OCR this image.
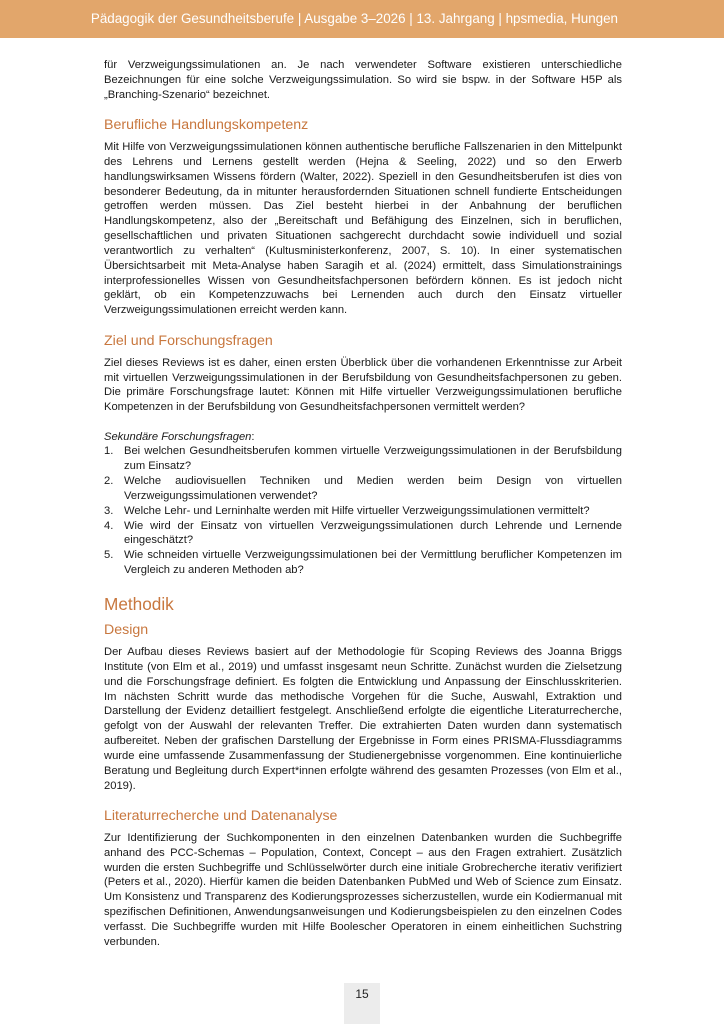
Pädagogik der Gesundheitsberufe | Ausgabe 3–2026 | 13. Jahrgang | hpsmedia, Hungen

für Verzweigungssimulationen an. Je nach verwendeter Software existieren unterschiedliche Bezeichnungen für eine solche Verzweigungssimulation. So wird sie bspw. in der Software H5P als „Branching-Szenario“ bezeichnet.

Berufliche Handlungskompetenz

Mit Hilfe von Verzweigungssimulationen können authentische berufliche Fallszenarien in den Mittelpunkt des Lehrens und Lernens gestellt werden (Hejna & Seeling, 2022) und so den Erwerb handlungswirksamen Wissens fördern (Walter, 2022). Speziell in den Gesundheitsberufen ist dies von besonderer Bedeutung, da in mitunter herausfordernden Situationen schnell fundierte Entscheidungen getroffen werden müssen. Das Ziel besteht hierbei in der Anbahnung der beruflichen Handlungskompetenz, also der „Bereitschaft und Befähigung des Einzelnen, sich in beruflichen, gesellschaftlichen und privaten Situationen sachgerecht durchdacht sowie individuell und sozial verantwortlich zu verhalten“ (Kultusministerkonferenz, 2007, S. 10). In einer systematischen Übersichtsarbeit mit Meta-Analyse haben Saragih et al. (2024) ermittelt, dass Simulationstrainings interprofessionelles Wissen von Gesundheitsfachpersonen befördern können. Es ist jedoch nicht geklärt, ob ein Kompetenzzuwachs bei Lernenden auch durch den Einsatz virtueller Verzweigungssimulationen erreicht werden kann.

Ziel und Forschungsfragen

Ziel dieses Reviews ist es daher, einen ersten Überblick über die vorhandenen Erkenntnisse zur Arbeit mit virtuellen Verzweigungssimulationen in der Berufsbildung von Gesundheitsfachpersonen zu geben. Die primäre Forschungsfrage lautet: Können mit Hilfe virtueller Verzweigungssimulationen berufliche Kompetenzen in der Berufsbildung von Gesundheitsfachpersonen vermittelt werden?

Sekundäre Forschungsfragen:
1. Bei welchen Gesundheitsberufen kommen virtuelle Verzweigungssimulationen in der Berufsbildung zum Einsatz?
2. Welche audiovisuellen Techniken und Medien werden beim Design von virtuellen Verzweigungssimulationen verwendet?
3. Welche Lehr- und Lerninhalte werden mit Hilfe virtueller Verzweigungssimulationen vermittelt?
4. Wie wird der Einsatz von virtuellen Verzweigungssimulationen durch Lehrende und Lernende eingeschätzt?
5. Wie schneiden virtuelle Verzweigungssimulationen bei der Vermittlung beruflicher Kompetenzen im Vergleich zu anderen Methoden ab?
Methodik
Design

Der Aufbau dieses Reviews basiert auf der Methodologie für Scoping Reviews des Joanna Briggs Institute (von Elm et al., 2019) und umfasst insgesamt neun Schritte. Zunächst wurden die Zielsetzung und die Forschungsfrage definiert. Es folgten die Entwicklung und Anpassung der Einschlusskriterien. Im nächsten Schritt wurde das methodische Vorgehen für die Suche, Auswahl, Extraktion und Darstellung der Evidenz detailliert festgelegt. Anschließend erfolgte die eigentliche Literaturrecherche, gefolgt von der Auswahl der relevanten Treffer. Die extrahierten Daten wurden dann systematisch aufbereitet. Neben der grafischen Darstellung der Ergebnisse in Form eines PRISMA-Flussdiagramms wurde eine umfassende Zusammenfassung der Studienergebnisse vorgenommen. Eine kontinuierliche Beratung und Begleitung durch Expert*innen erfolgte während des gesamten Prozesses (von Elm et al., 2019).

Literaturrecherche und Datenanalyse

Zur Identifizierung der Suchkomponenten in den einzelnen Datenbanken wurden die Suchbegriffe anhand des PCC-Schemas – Population, Context, Concept – aus den Fragen extrahiert. Zusätzlich wurden die ersten Suchbegriffe und Schlüsselwörter durch eine initiale Grobrecherche iterativ verifiziert (Peters et al., 2020). Hierfür kamen die beiden Datenbanken PubMed und Web of Science zum Einsatz. Um Konsistenz und Transparenz des Kodierungsprozesses sicherzustellen, wurde ein Kodiermanual mit spezifischen Definitionen, Anwendungsanweisungen und Kodierungsbeispielen zu den einzelnen Codes verfasst. Die Suchbegriffe wurden mit Hilfe Boolescher Operatoren in einem einheitlichen Suchstring verbunden.

15
